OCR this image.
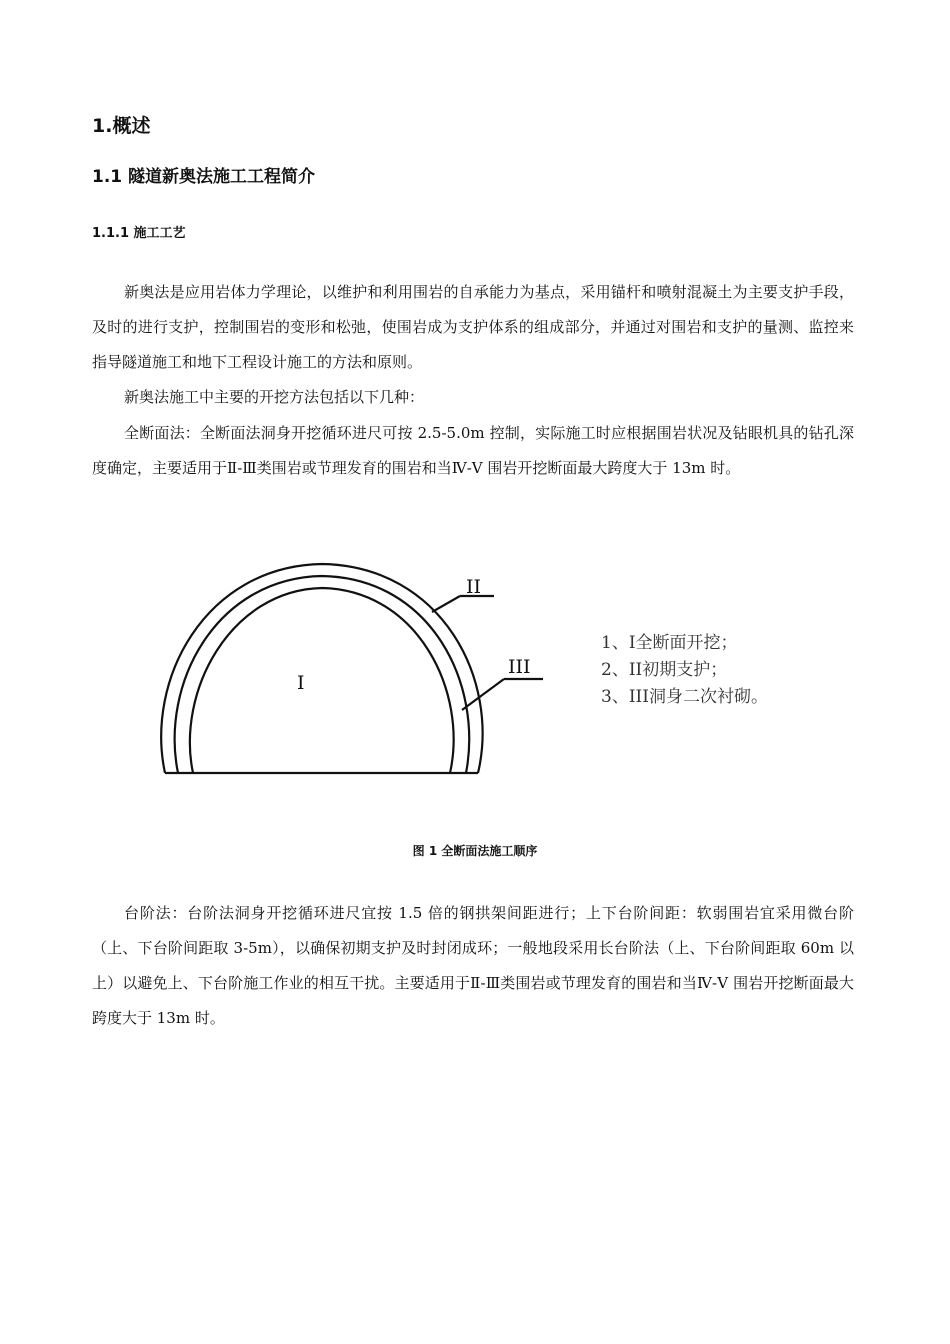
1.概述
1.1 隧道新奥法施工工程简介
1.1.1 施工工艺

新奥法是应用岩体力学理论，以维护和利用围岩的自承能力为基点，采用锚杆和喷射混凝土为主要支护手段，及时的进行支护，控制围岩的变形和松弛，使围岩成为支护体系的组成部分，并通过对围岩和支护的量测、监控来指导隧道施工和地下工程设计施工的方法和原则。

新奥法施工中主要的开挖方法包括以下几种：

全断面法：全断面法洞身开挖循环进尺可按 2.5-5.0m 控制，实际施工时应根据围岩状况及钻眼机具的钻孔深度确定，主要适用于Ⅱ-Ⅲ类围岩或节理发育的围岩和当Ⅳ-Ⅴ 围岩开挖断面最大跨度大于 13m 时。

I
II
III
1、I全断面开挖；
2、II初期支护；
3、III洞身二次衬砌。
图 1 全断面法施工顺序

台阶法：台阶法洞身开挖循环进尺宜按 1.5 倍的钢拱架间距进行；上下台阶间距：软弱围岩宜采用微台阶（上、下台阶间距取 3-5m），以确保初期支护及时封闭成环；一般地段采用长台阶法（上、下台阶间距取 60m 以上）以避免上、下台阶施工作业的相互干扰。主要适用于Ⅱ-Ⅲ类围岩或节理发育的围岩和当Ⅳ-Ⅴ 围岩开挖断面最大跨度大于 13m 时。
